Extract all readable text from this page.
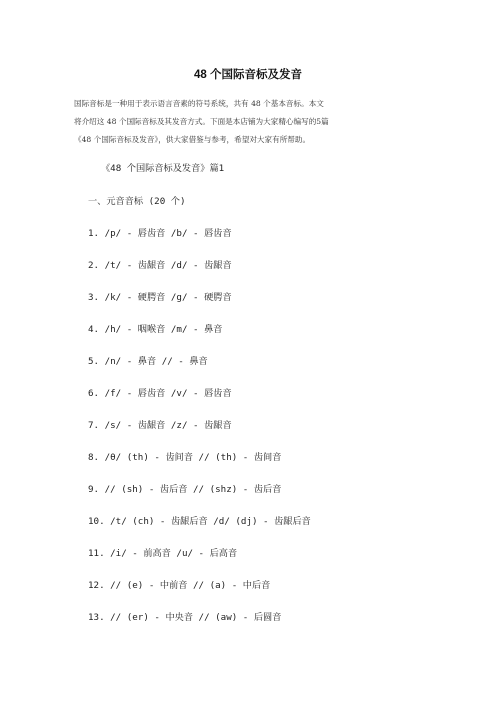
48 个国际音标及发音
国际音标是一种用于表示语言音素的符号系统，共有 48 个基本音标。本文
将介绍这 48 个国际音标及其发音方式。下面是本店铺为大家精心编写的5篇
《48 个国际音标及发音》，供大家借鉴与参考，希望对大家有所帮助。
《48 个国际音标及发音》篇1
一、元音音标 (20 个)
1. /p/ - 唇齿音 /b/ - 唇齿音
2. /t/ - 齿龈音 /d/ - 齿龈音
3. /k/ - 硬腭音 /g/ - 硬腭音
4. /h/ - 咽喉音 /m/ - 鼻音
5. /n/ - 鼻音 // - 鼻音
6. /f/ - 唇齿音 /v/ - 唇齿音
7. /s/ - 齿龈音 /z/ - 齿龈音
8. /θ/ (th) - 齿间音 // (th) - 齿间音
9. // (sh) - 齿后音 // (shz) - 齿后音
10. /t/ (ch) - 齿龈后音 /d/ (dj) - 齿龈后音
11. /i/ - 前高音 /u/ - 后高音
12. // (e) - 中前音 // (a) - 中后音
13. // (er) - 中央音 // (aw) - 后圆音
